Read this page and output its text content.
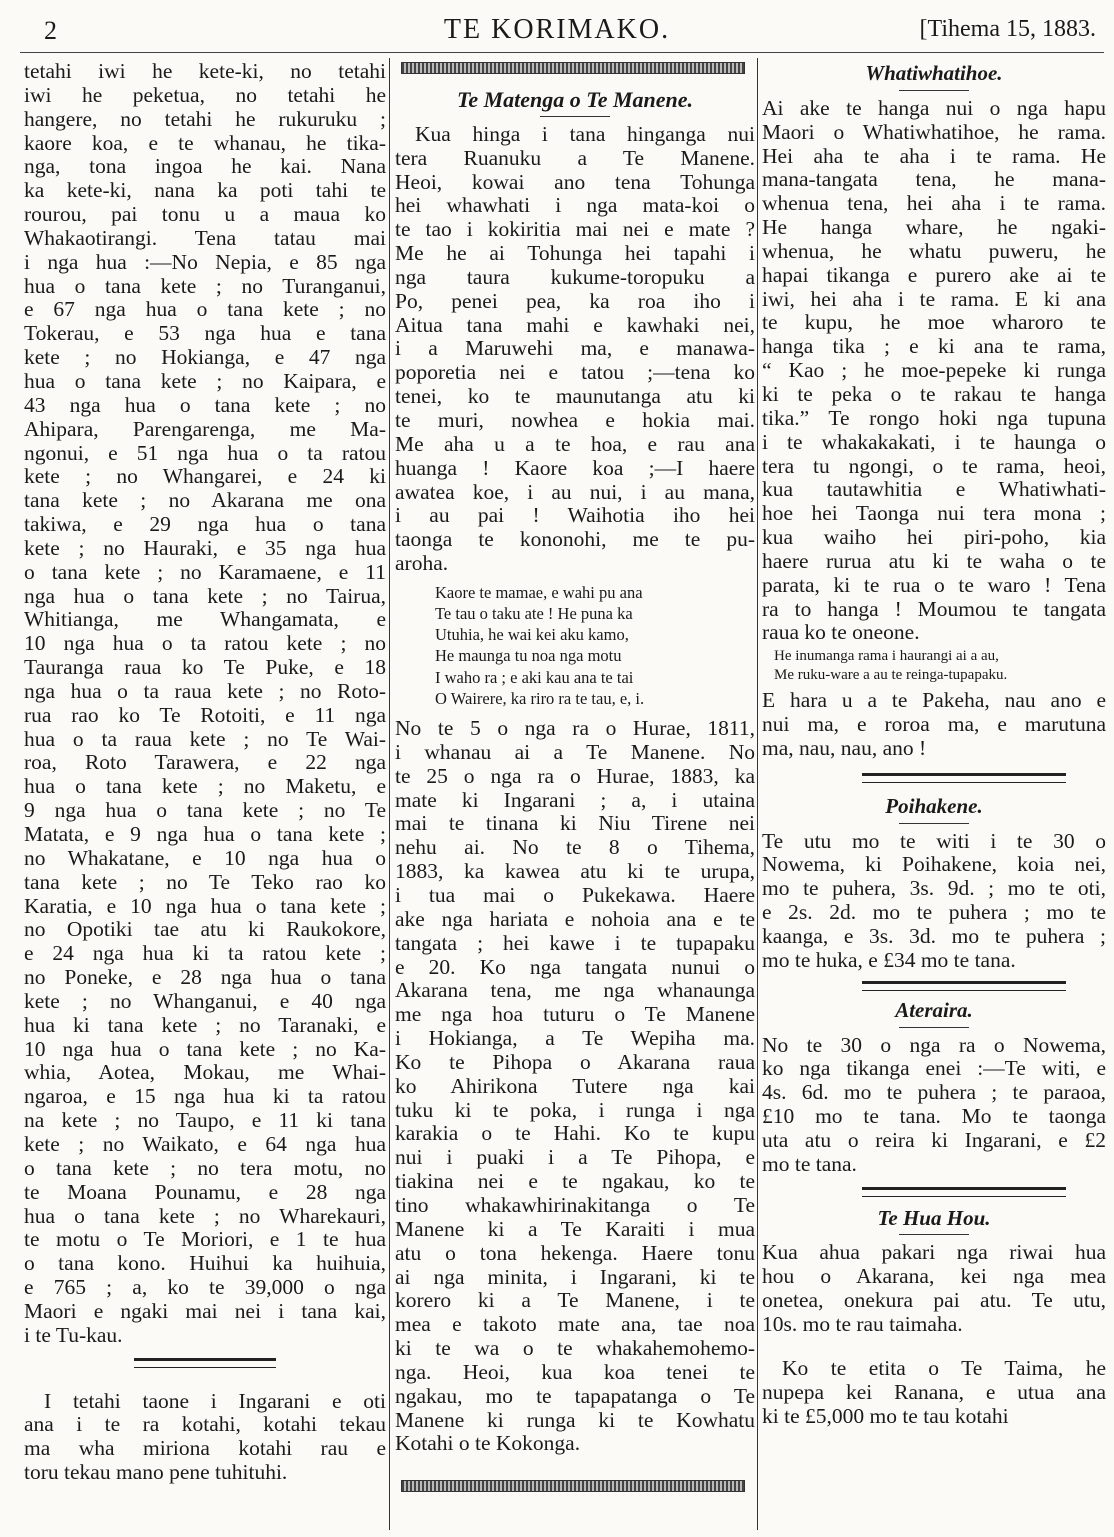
2	TE KORIMAKO.	[Tihema 15, 1883.
tetahi iwi he kete-ki, no tetahi
iwi he peketua, no tetahi he
hangere, no tetahi he rukuruku ;
kaore koa, e te whanau, he tika-
nga, tona ingoa he kai. Nana
ka kete-ki, nana ka poti tahi te
rourou, pai tonu u a maua ko
Whakaotirangi. Tena tatau mai
i nga hua :—No Nepia, e 85 nga
hua o tana kete ; no Turanganui,
e 67 nga hua o tana kete ; no
Tokerau, e 53 nga hua e tana
kete ; no Hokianga, e 47 nga
hua o tana kete ; no Kaipara, e
43 nga hua o tana kete ; no
Ahipara, Parengarenga, me Ma-
ngonui, e 51 nga hua o ta ratou
kete ; no Whangarei, e 24 ki
tana kete ; no Akarana me ona
takiwa, e 29 nga hua o tana
kete ; no Hauraki, e 35 nga hua
o tana kete ; no Karamaene, e 11
nga hua o tana kete ; no Tairua,
Whitianga, me Whangamata, e
10 nga hua o ta ratou kete ; no
Tauranga raua ko Te Puke, e 18
nga hua o ta raua kete ; no Roto-
rua rao ko Te Rotoiti, e 11 nga
hua o ta raua kete ; no Te Wai-
roa, Roto Tarawera, e 22 nga
hua o tana kete ; no Maketu, e
9 nga hua o tana kete ; no Te
Matata, e 9 nga hua o tana kete ;
no Whakatane, e 10 nga hua o
tana kete ; no Te Teko rao ko
Karatia, e 10 nga hua o tana kete ;
no Opotiki tae atu ki Raukokore,
e 24 nga hua ki ta ratou kete ;
no Poneke, e 28 nga hua o tana
kete ; no Whanganui, e 40 nga
hua ki tana kete ; no Taranaki, e
10 nga hua o tana kete ; no Ka-
whia, Aotea, Mokau, me Whai-
ngaroa, e 15 nga hua ki ta ratou
na kete ; no Taupo, e 11 ki tana
kete ; no Waikato, e 64 nga hua
o tana kete ; no tera motu, no
te Moana Pounamu, e 28 nga
hua o tana kete ; no Wharekauri,
te motu o Te Moriori, e 1 te hua
o tana kono. Huihui ka huihuia,
e 765 ; a, ko te 39,000 o nga
Maori e ngaki mai nei i tana kai,
i te Tu-kau.
I tetahi taone i Ingarani e oti
ana i te ra kotahi, kotahi tekau
ma wha miriona kotahi rau e
toru tekau mano pene tuhituhi.
Te Matenga o Te Manene.
Kua hinga i tana hinganga nui
tera Ruanuku a Te Manene.
Heoi, kowai ano tena Tohunga
hei whawhati i nga mata-koi o
te tao i kokiritia mai nei e mate ?
Me he ai Tohunga hei tapahi i
nga taura kukume-toropuku a
Po, penei pea, ka roa iho i
Aitua tana mahi e kawhaki nei,
i a Maruwehi ma, e manawa-
poporetia nei e tatou ;—tena ko
tenei, ko te maunutanga atu ki
te muri, nowhea e hokia mai.
Me aha u a te hoa, e rau ana
huanga ! Kaore koa ;—I haere
awatea koe, i au nui, i au mana,
i au pai ! Waihotia iho hei
taonga te kononohi, me te pu-
aroha.
Kaore te mamae, e wahi pu ana
Te tau o taku ate ! He puna ka
Utuhia, he wai kei aku kamo,
He maunga tu noa nga motu
I waho ra ; e aki kau ana te tai
O Wairere, ka riro ra te tau, e, i.
No te 5 o nga ra o Hurae, 1811,
i whanau ai a Te Manene. No
te 25 o nga ra o Hurae, 1883, ka
mate ki Ingarani ; a, i utaina
mai te tinana ki Niu Tirene nei
nehu ai. No te 8 o Tihema,
1883, ka kawea atu ki te urupa,
i tua mai o Pukekawa. Haere
ake nga hariata e nohoia ana e te
tangata ; hei kawe i te tupapaku
e 20. Ko nga tangata nunui o
Akarana tena, me nga whanaunga
me nga hoa tuturu o Te Manene
i Hokianga, a Te Wepiha ma.
Ko te Pihopa o Akarana raua
ko Ahirikona Tutere nga kai
tuku ki te poka, i runga i nga
karakia o te Hahi. Ko te kupu
nui i puaki i a Te Pihopa, e
tiakina nei e te ngakau, ko te
tino whakawhirinakitanga o Te
Manene ki a Te Karaiti i mua
atu o tona hekenga. Haere tonu
ai nga minita, i Ingarani, ki te
korero ki a Te Manene, i te
mea e takoto mate ana, tae noa
ki te wa o te whakahemohemo-
nga. Heoi, kua koa tenei te
ngakau, mo te tapapatanga o Te
Manene ki runga ki te Kowhatu
Kotahi o te Kokonga.
Whatiwhatihoe.
Ai ake te hanga nui o nga hapu
Maori o Whatiwhatihoe, he rama.
Hei aha te aha i te rama. He
mana-tangata tena, he mana-
whenua tena, hei aha i te rama.
He hanga whare, he ngaki-
whenua, he whatu puweru, he
hapai tikanga e purero ake ai te
iwi, hei aha i te rama. E ki ana
te kupu, he moe wharoro te
hanga tika ; e ki ana te rama,
“ Kao ; he moe-pepeke ki runga
ki te peka o te rakau te hanga
tika.” Te rongo hoki nga tupuna
i te whakakakati, i te haunga o
tera tu ngongi, o te rama, heoi,
kua tautawhitia e Whatiwhati-
hoe hei Taonga nui tera mona ;
kua waiho hei piri-poho, kia
haere rurua atu ki te waha o te
parata, ki te rua o te waro ! Tena
ra to hanga ! Moumou te tangata
raua ko te oneone.
He inumanga rama i haurangi ai a au,
Me ruku-ware a au te reinga-tupapaku.
E hara u a te Pakeha, nau ano e
nui ma, e roroa ma, e marutuna
ma, nau, nau, ano !
Poihakene.
Te utu mo te witi i te 30 o
Nowema, ki Poihakene, koia nei,
mo te puhera, 3s. 9d. ; mo te oti,
e 2s. 2d. mo te puhera ; mo te
kaanga, e 3s. 3d. mo te puhera ;
mo te huka, e £34 mo te tana.
Ateraira.
No te 30 o nga ra o Nowema,
ko nga tikanga enei :—Te witi, e
4s. 6d. mo te puhera ; te paraoa,
£10 mo te tana. Mo te taonga
uta atu o reira ki Ingarani, e £2
mo te tana.
Te Hua Hou.
Kua ahua pakari nga riwai hua
hou o Akarana, kei nga mea
onetea, onekura pai atu. Te utu,
10s. mo te rau taimaha.
Ko te etita o Te Taima, he
nupepa kei Ranana, e utua ana
ki te £5,000 mo te tau kotahi
